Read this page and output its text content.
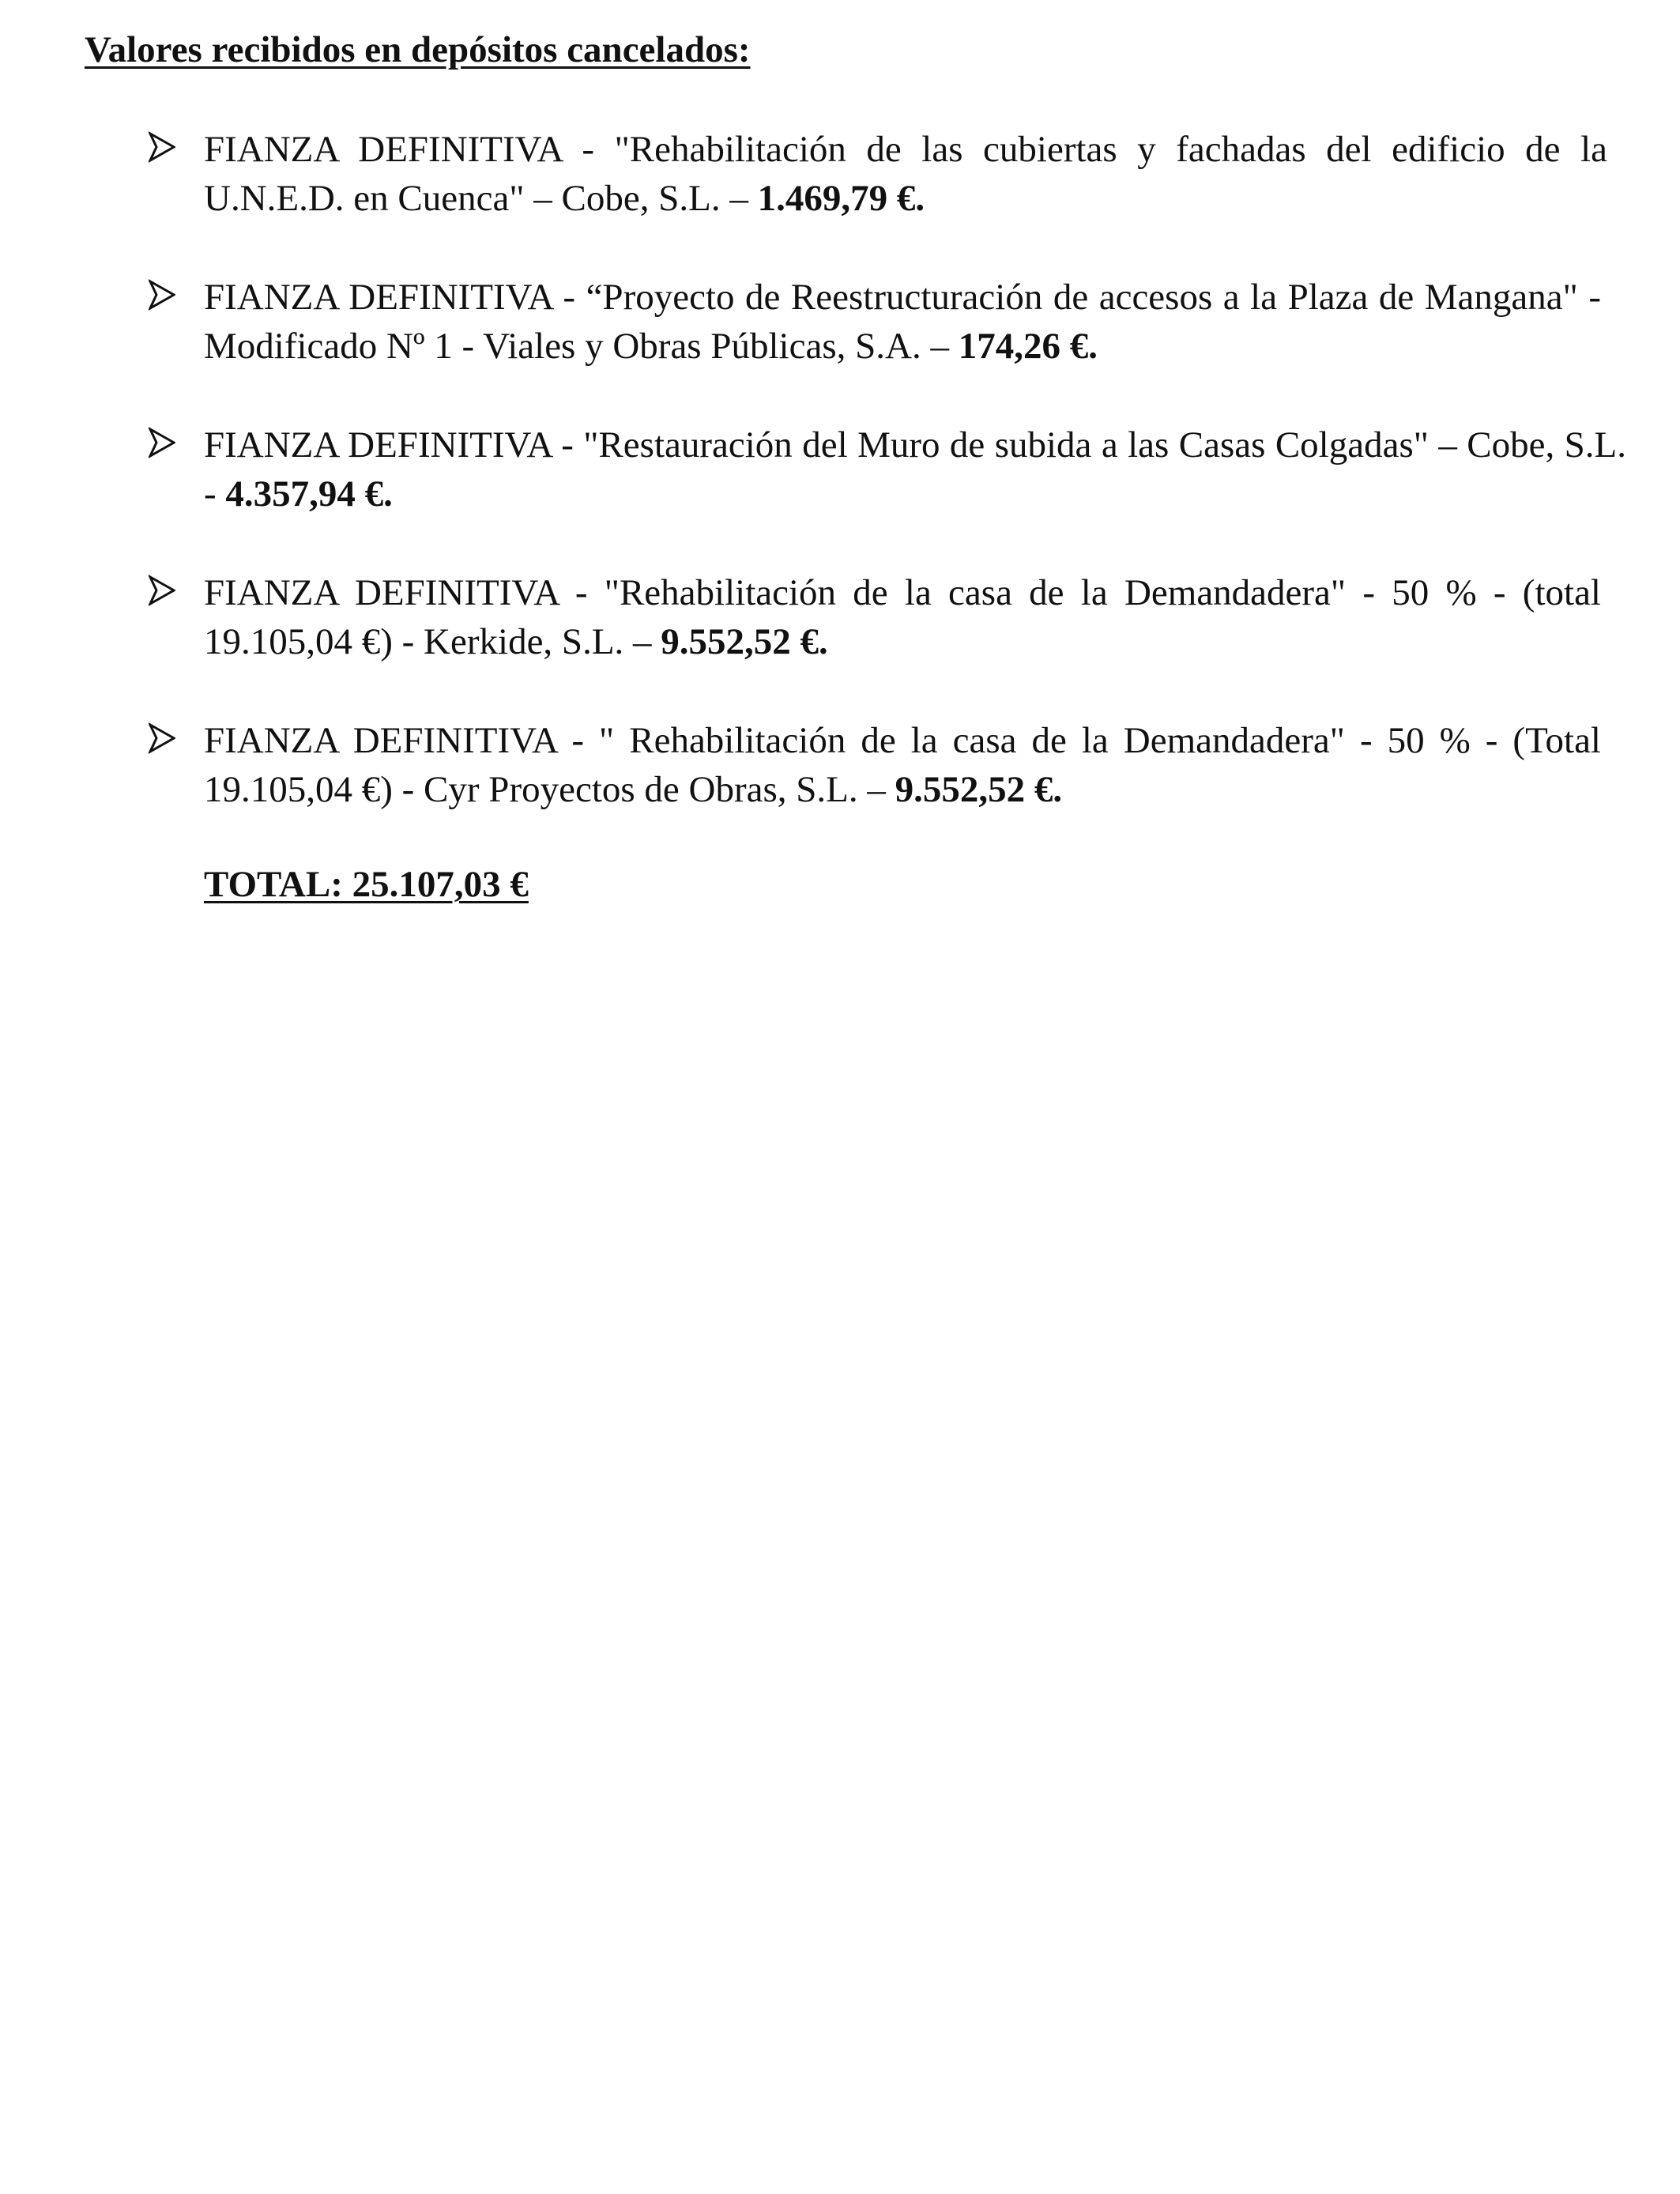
Valores recibidos en depósitos cancelados:
FIANZA DEFINITIVA - "Rehabilitación de las cubiertas y fachadas del edificio de la U.N.E.D. en Cuenca" – Cobe, S.L. – 1.469,79 €.
FIANZA DEFINITIVA - “Proyecto de Reestructuración de accesos a la Plaza de Mangana" - Modificado Nº 1 - Viales y Obras Públicas, S.A. – 174,26 €.
FIANZA DEFINITIVA - "Restauración del Muro de subida a las Casas Colgadas" – Cobe, S.L. - 4.357,94 €.
FIANZA DEFINITIVA - "Rehabilitación de la casa de la Demandadera" - 50 % - (total 19.105,04 €) - Kerkide, S.L. – 9.552,52 €.
FIANZA DEFINITIVA - " Rehabilitación de la casa de la Demandadera" - 50 % - (Total 19.105,04 €) - Cyr Proyectos de Obras, S.L. – 9.552,52 €.
TOTAL: 25.107,03 €
